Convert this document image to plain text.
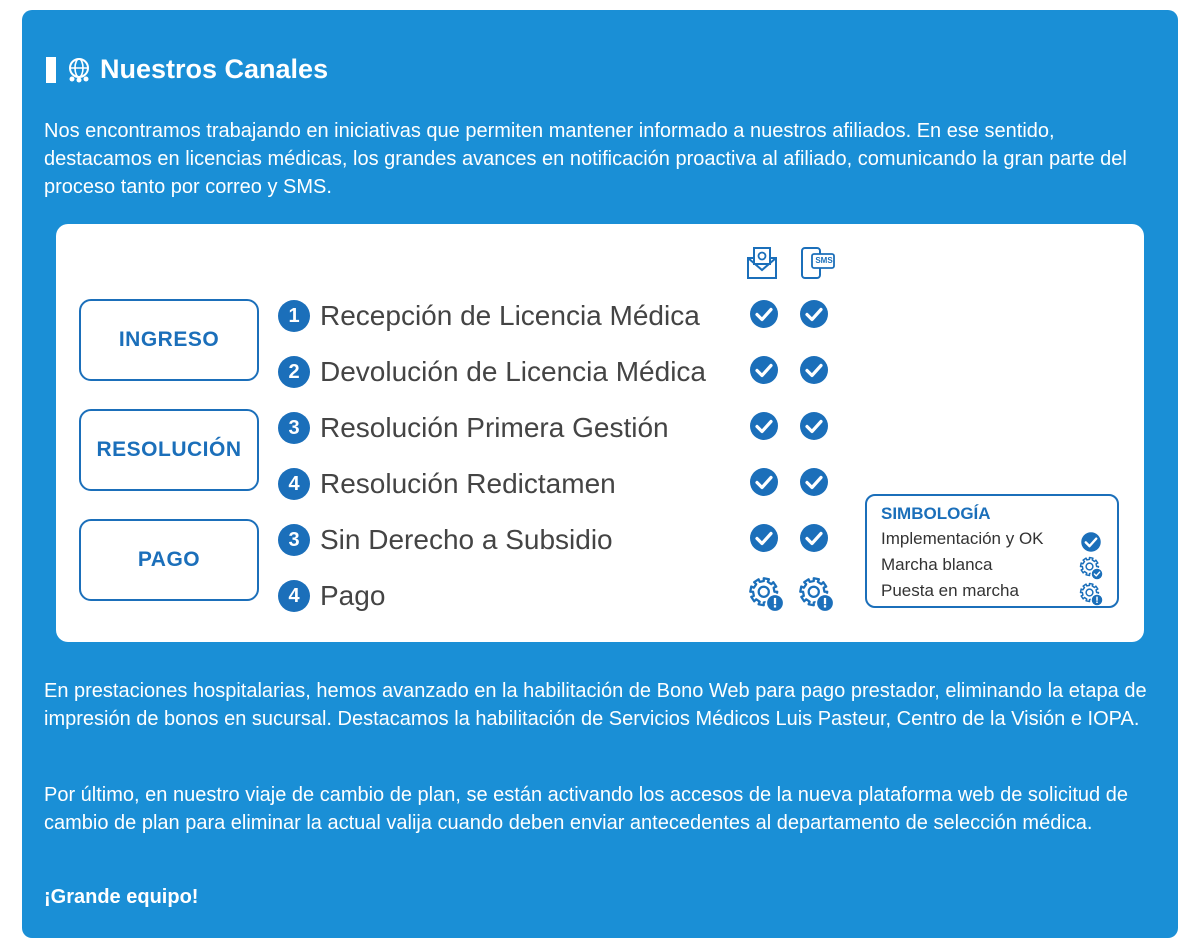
Nuestros Canales
Nos encontramos trabajando en iniciativas que permiten mantener informado a nuestros afiliados. En ese sentido, destacamos en licencias médicas, los grandes avances en notificación proactiva al afiliado, comunicando la gran parte del proceso tanto por correo y SMS.
SMS
INGRESO
RESOLUCIÓN
PAGO
1 Recepción de Licencia Médica
2 Devolución de Licencia Médica
3 Resolución Primera Gestión
4 Resolución Redictamen
3 Sin Derecho a Subsidio
4 Pago
SIMBOLOGÍA
Implementación y OK
Marcha blanca
Puesta en marcha
En prestaciones hospitalarias, hemos avanzado en la habilitación de Bono Web para pago prestador, eliminando la etapa de impresión de bonos en sucursal. Destacamos la habilitación de Servicios Médicos Luis Pasteur, Centro de la Visión e IOPA.
Por último, en nuestro viaje de cambio de plan, se están activando los accesos de la nueva plataforma web de solicitud de cambio de plan para eliminar la actual valija cuando deben enviar antecedentes al departamento de selección médica.
¡Grande equipo!
